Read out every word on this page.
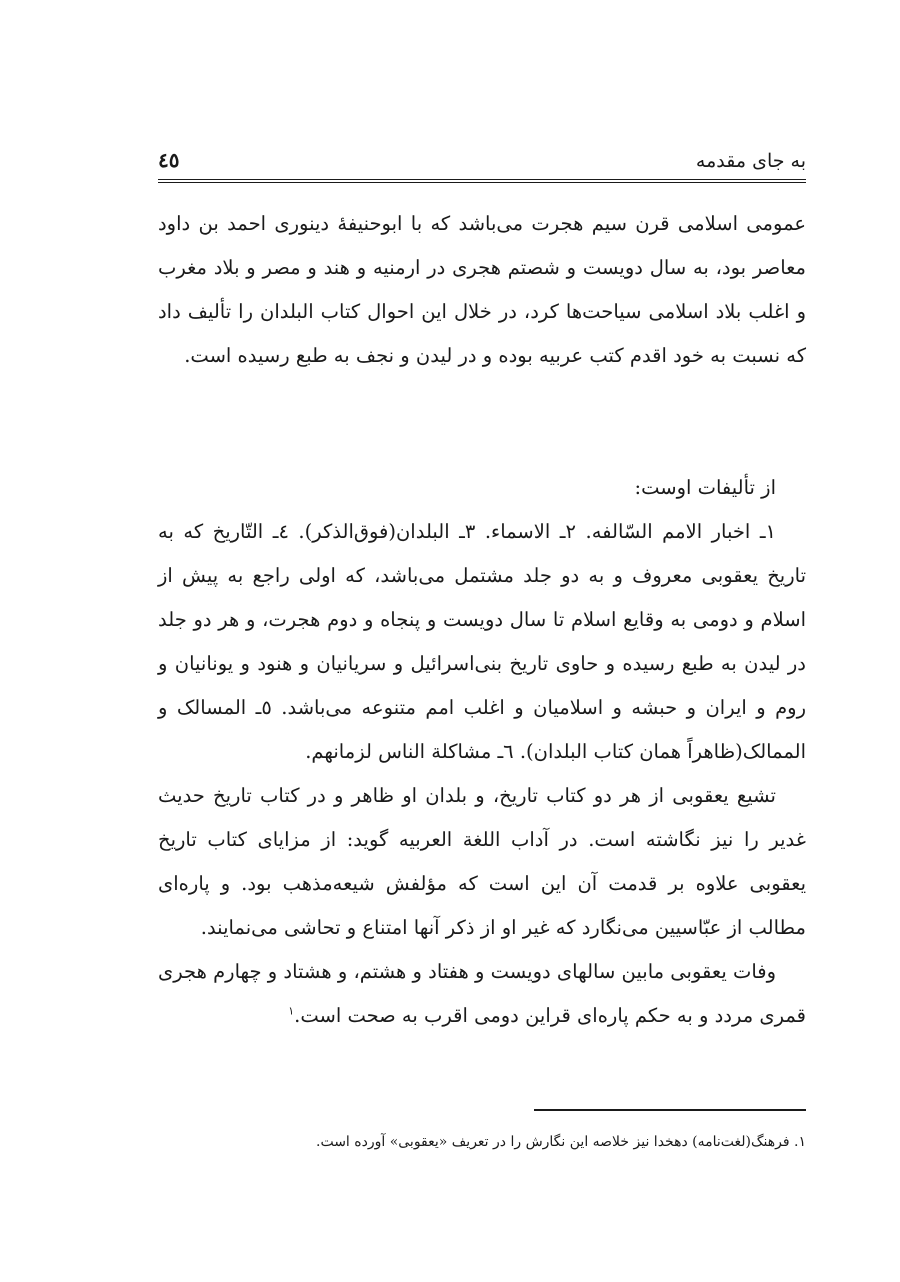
به جای مقدمه
٤٥

عمومی اسلامی قرن سیم هجرت می‌باشد که با ابوحنیفهٔ دینوری احمد بن داود معاصر بود، به سال دویست و شصتم هجری در ارمنیه و هند و مصر و بلاد مغرب و اغلب بلاد اسلامی سیاحت‌ها کرد، در خلال این احوال کتاب البلدان را تألیف داد که نسبت به خود اقدم کتب عربیه بوده و در لیدن و نجف به طبع رسیده است.

از تألیفات اوست:

١ـ اخبار الامم السّالفه. ٢ـ الاسماء. ٣ـ البلدان(فوق‌الذکر). ٤ـ التّاریخ که به تاریخ یعقوبی معروف و به دو جلد مشتمل می‌باشد، که اولی راجع به پیش از اسلام و دومی به وقایع اسلام تا سال دویست و پنجاه و دوم هجرت، و هر دو جلد در لیدن به طبع رسیده و حاوی تاریخ بنی‌اسرائیل و سریانیان و هنود و یونانیان و روم و ایران و حبشه و اسلامیان و اغلب امم متنوعه می‌باشد. ٥ـ المسالک و الممالک(ظاهراً همان کتاب البلدان). ٦ـ مشاکلة الناس لزمانهم.

تشیع یعقوبی از هر دو کتاب تاریخ، و بلدان او ظاهر و در کتاب تاریخ حدیث غدیر را نیز نگاشته است. در آداب اللغة العربیه گوید: از مزایای کتاب تاریخ یعقوبی علاوه بر قدمت آن این است که مؤلفش شیعه‌مذهب بود. و پاره‌ای مطالب از عبّاسیین می‌نگارد که غیر او از ذکر آنها امتناع و تحاشی می‌نمایند.

وفات یعقوبی مابین سالهای دویست و هفتاد و هشتم، و هشتاد و چهارم هجری قمری مردد و به حکم پاره‌ای قراین دومی اقرب به صحت است.$^١$

١. فرهنگ(لغت‌نامه) دهخدا نیز خلاصه این نگارش را در تعریف «یعقوبی» آورده است.
